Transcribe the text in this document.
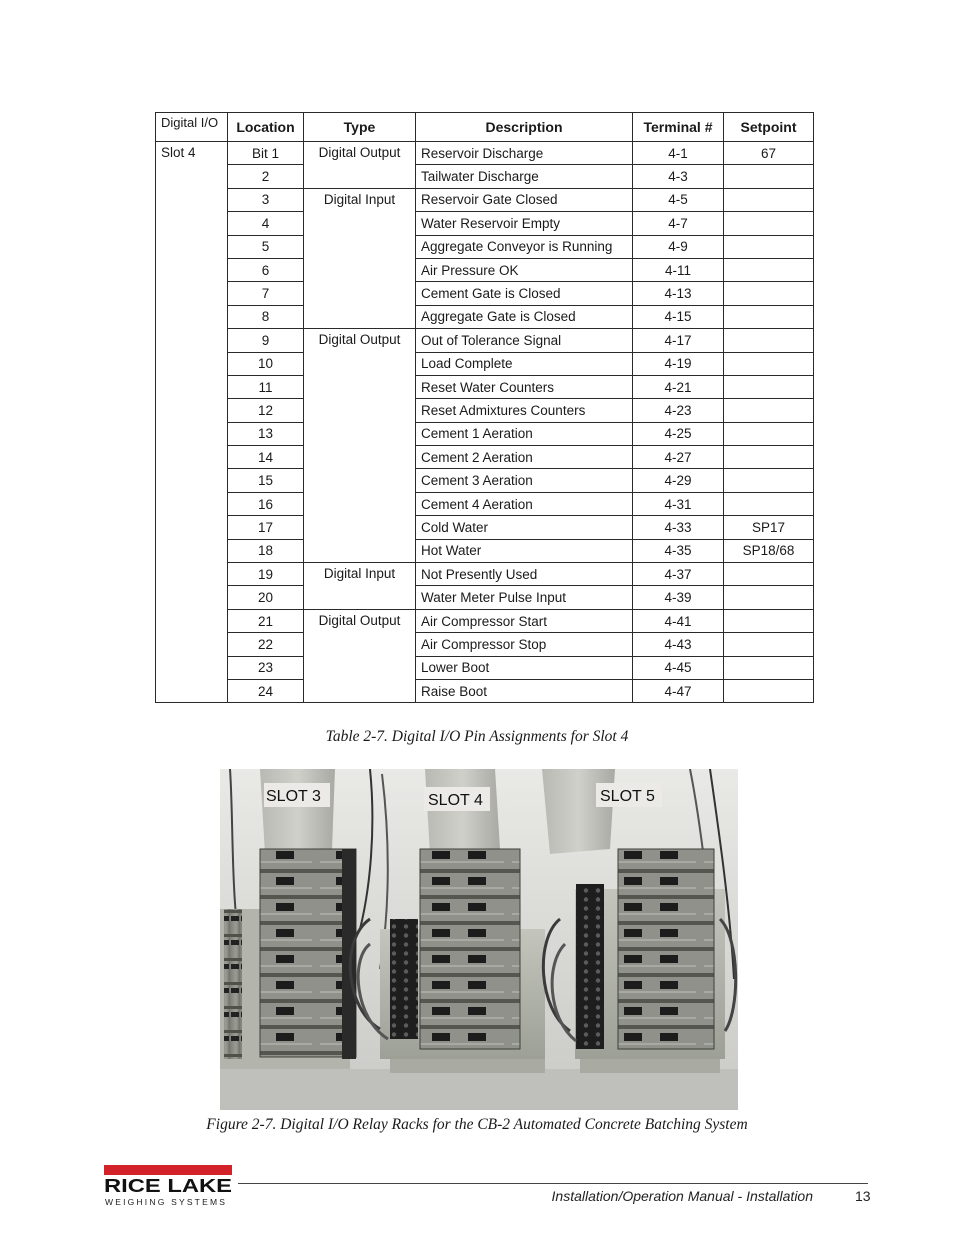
Digital I/O	Location	Type	Description	Terminal #	Setpoint
Slot 4	Bit 1	Digital Output	Reservoir Discharge	4-1	67
	2		Tailwater Discharge	4-3	
	3	Digital Input	Reservoir Gate Closed	4-5	
	4		Water Reservoir Empty	4-7	
	5		Aggregate Conveyor is Running	4-9	
	6		Air Pressure OK	4-11	
	7		Cement Gate is Closed	4-13	
	8		Aggregate Gate is Closed	4-15	
	9	Digital Output	Out of Tolerance Signal	4-17	
	10		Load Complete	4-19	
	11		Reset Water Counters	4-21	
	12		Reset Admixtures Counters	4-23	
	13		Cement 1 Aeration	4-25	
	14		Cement 2 Aeration	4-27	
	15		Cement 3 Aeration	4-29	
	16		Cement 4 Aeration	4-31	
	17		Cold Water	4-33	SP17
	18		Hot Water	4-35	SP18/68
	19	Digital Input	Not Presently Used	4-37	
	20		Water Meter Pulse Input	4-39	
	21	Digital Output	Air Compressor Start	4-41	
	22		Air Compressor Stop	4-43	
	23		Lower Boot	4-45	
	24		Raise Boot	4-47	
Table 2-7. Digital I/O Pin Assignments for Slot 4
SLOT 3	SLOT 4	SLOT 5
Figure 2-7. Digital I/O Relay Racks for the CB-2 Automated Concrete Batching System
RICE LAKE
WEIGHING SYSTEMS	Installation/Operation Manual - Installation	13
